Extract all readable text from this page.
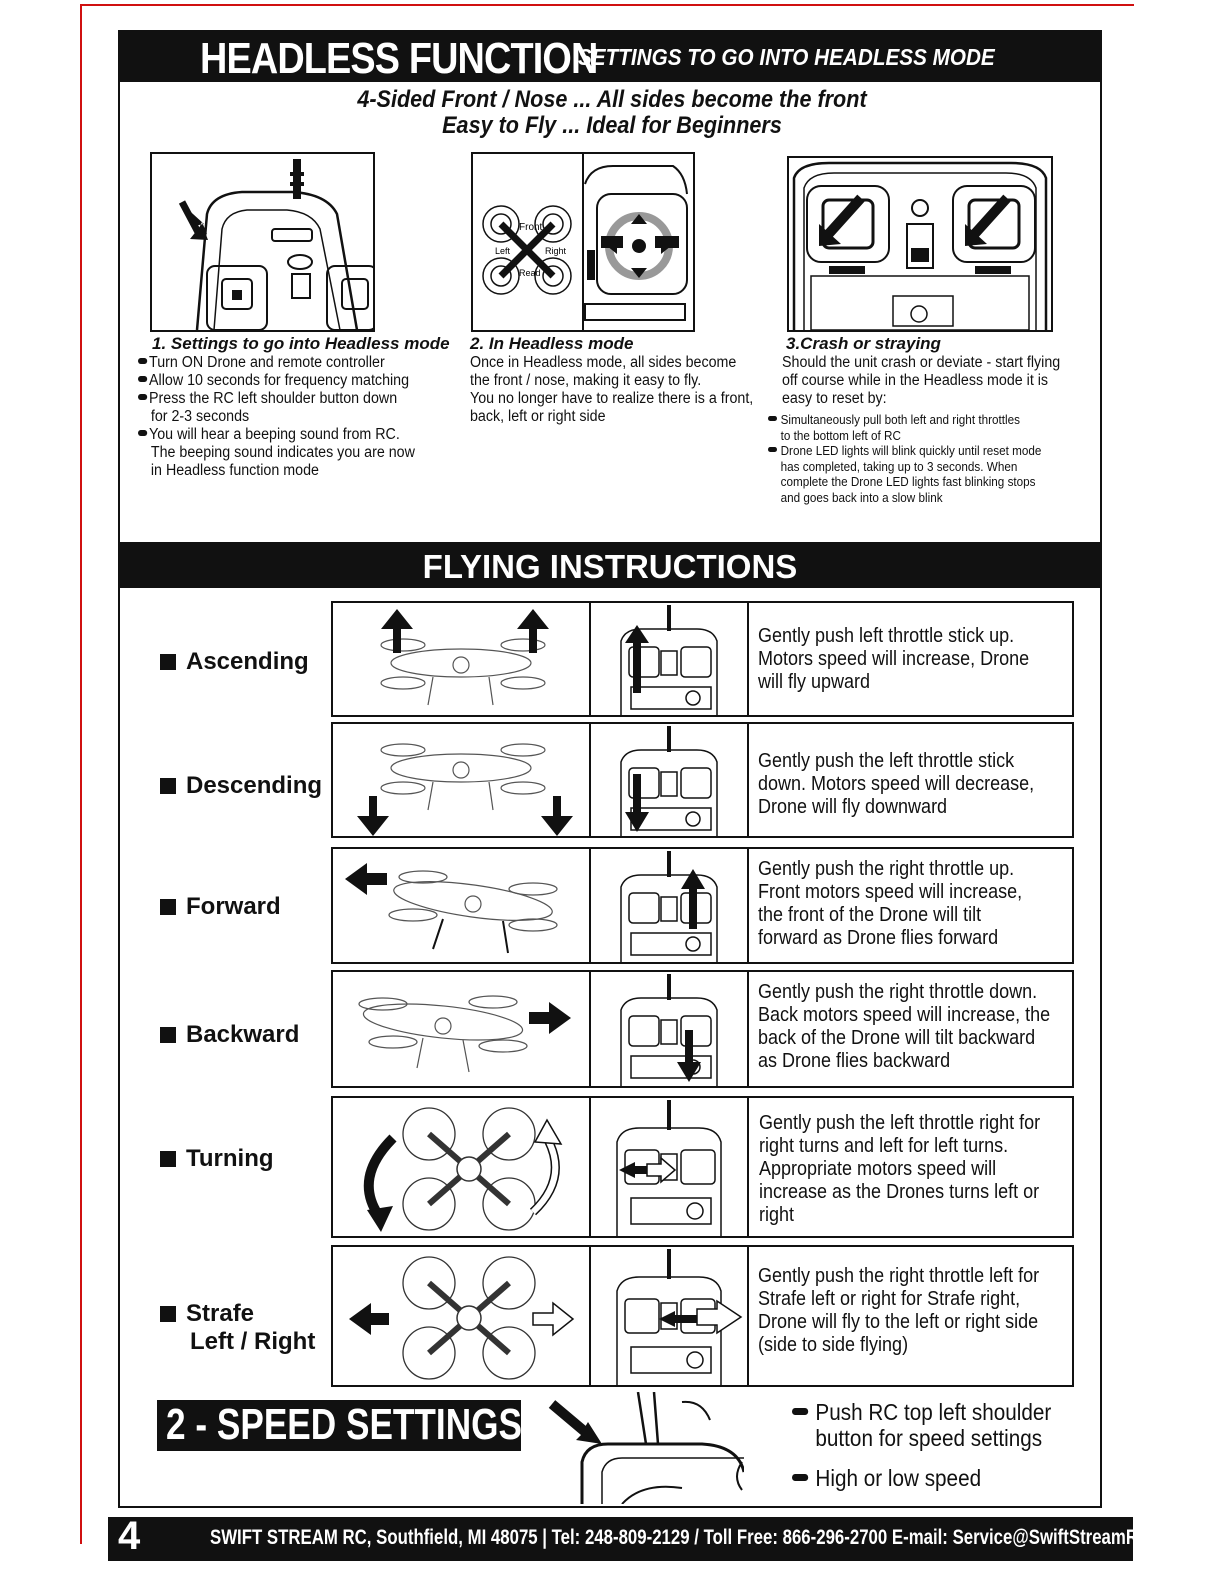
HEADLESS FUNCTION
SETTINGS TO GO INTO HEADLESS MODE
4-Sided Front / Nose ... All sides become the front
Easy to Fly ... Ideal for Beginners
Front
Left	Right
Read
1. Settings to go into Headless mode
Turn ON Drone and remote controller
Allow 10 seconds for frequency matching
Press the RC left shoulder button down
for 2-3 seconds
You will hear a beeping sound from RC.
The beeping sound indicates you are now
in Headless function mode
2. In Headless mode
Once in Headless mode, all sides become
the front / nose, making it easy to fly.
You no longer have to realize there is a front,
back, left or right side
3.Crash or straying
Should the unit crash or deviate - start flying
off course while in the Headless mode it is
easy to reset by:
Simultaneously pull both left and right throttles
to the bottom left of RC
Drone LED lights will blink quickly until reset mode
has completed, taking up to 3 seconds. When
complete the Drone LED lights fast blinking stops
and goes back into a slow blink
FLYING INSTRUCTIONS
Ascending
Gently push left throttle stick up.
Motors speed will increase, Drone
will fly upward
Descending
Gently push the left throttle stick
down. Motors speed will decrease,
Drone will fly downward
Forward
Gently push the right throttle up.
Front motors speed will increase,
the front of the Drone will tilt
forward as Drone flies forward
Backward
Gently push the right throttle down.
Back motors speed will increase, the
back of the Drone will tilt backward
as Drone flies backward
Turning
Gently push the left throttle right for
right turns and left for left turns.
Appropriate motors speed will
increase as the Drones turns left or
right
Strafe
Left / Right
Gently push the right throttle left for
Strafe left or right for Strafe right,
Drone will fly to the left or right side
(side to side flying)
2 - SPEED SETTINGS	Push RC top left shoulder
button for speed settings
High or low speed
4	SWIFT STREAM RC, Southfield, MI 48075 | Tel: 248-809-2129 / Toll Free: 866-296-2700 E-mail: Service@SwiftStreamRC.com
